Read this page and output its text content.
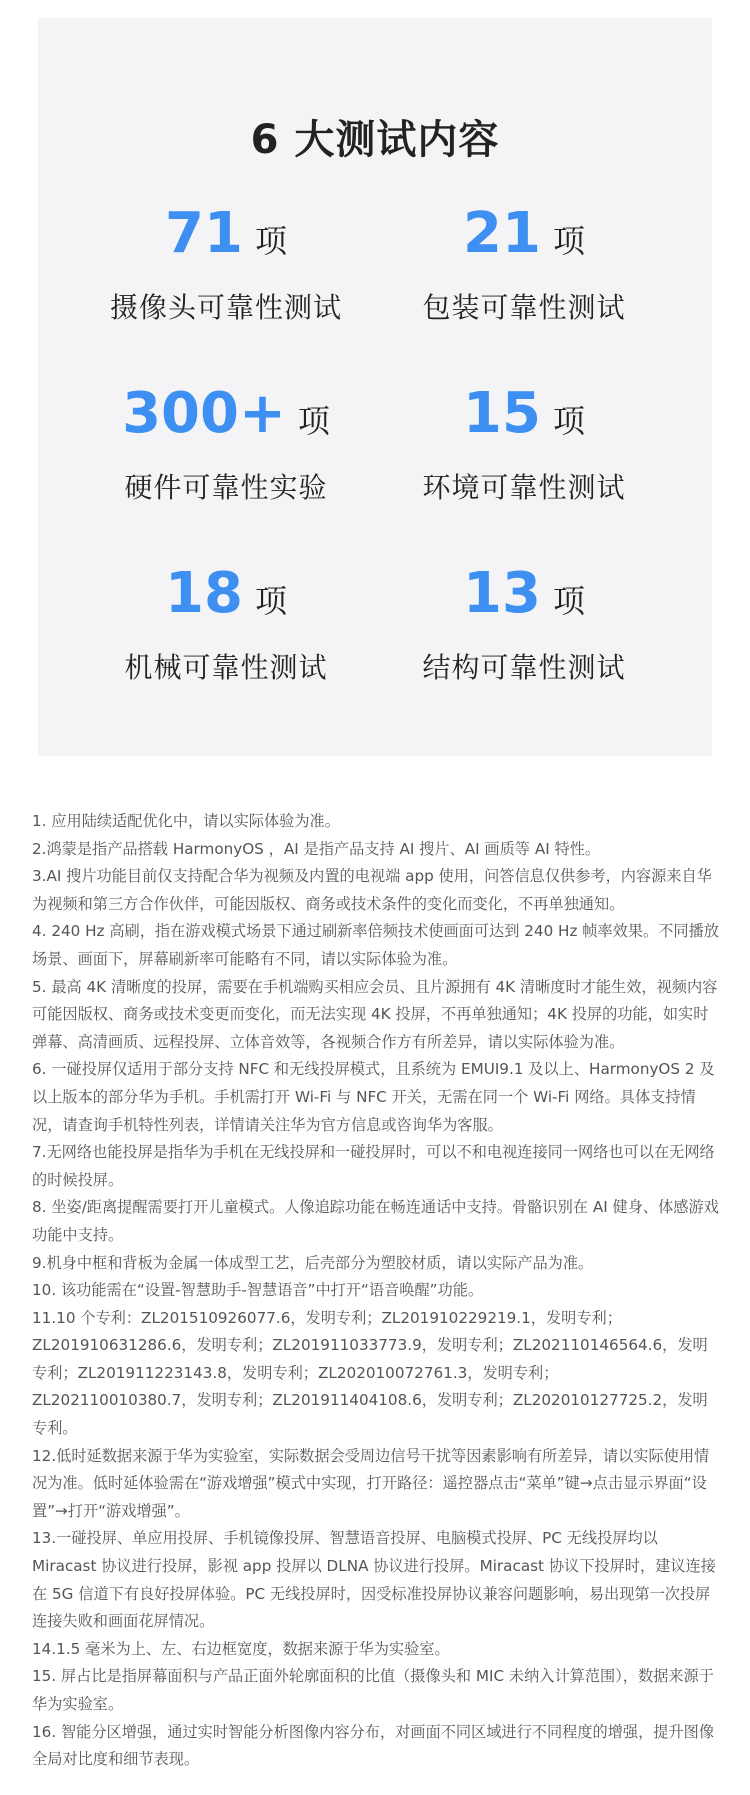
6 大测试内容
71 项
摄像头可靠性测试
21 项
包装可靠性测试
300+ 项
硬件可靠性实验
15 项
环境可靠性测试
18 项
机械可靠性测试
13 项
结构可靠性测试

1. 应用陆续适配优化中，请以实际体验为准。

2.鸿蒙是指产品搭载 HarmonyOS ，AI 是指产品支持 AI 搜片、AI 画质等 AI 特性。

3.AI 搜片功能目前仅支持配合华为视频及内置的电视端 app 使用，问答信息仅供参考，内容源来自华为视频和第三方合作伙伴，可能因版权、商务或技术条件的变化而变化，不再单独通知。

4. 240 Hz 高刷，指在游戏模式场景下通过刷新率倍频技术使画面可达到 240 Hz 帧率效果。不同播放场景、画面下，屏幕刷新率可能略有不同，请以实际体验为准。

5. 最高 4K 清晰度的投屏，需要在手机端购买相应会员、且片源拥有 4K 清晰度时才能生效，视频内容可能因版权、商务或技术变更而变化，而无法实现 4K 投屏，不再单独通知；4K 投屏的功能，如实时弹幕、高清画质、远程投屏、立体音效等，各视频合作方有所差异，请以实际体验为准。

6. 一碰投屏仅适用于部分支持 NFC 和无线投屏模式，且系统为 EMUI9.1 及以上、HarmonyOS 2 及以上版本的部分华为手机。手机需打开 Wi-Fi 与 NFC 开关，无需在同一个 Wi-Fi 网络。具体支持情况，请查询手机特性列表，详情请关注华为官方信息或咨询华为客服。

7.无网络也能投屏是指华为手机在无线投屏和一碰投屏时，可以不和电视连接同一网络也可以在无网络的时候投屏。

8. 坐姿/距离提醒需要打开儿童模式。人像追踪功能在畅连通话中支持。骨骼识别在 AI 健身、体感游戏功能中支持。

9.机身中框和背板为金属一体成型工艺，后壳部分为塑胶材质，请以实际产品为准。

10. 该功能需在“设置-智慧助手-智慧语音”中打开“语音唤醒”功能。

11.10 个专利：ZL201510926077.6，发明专利；ZL201910229219.1，发明专利；ZL201910631286.6，发明专利；ZL201911033773.9，发明专利；ZL202110146564.6，发明专利；ZL201911223143.8，发明专利；ZL202010072761.3，发明专利；ZL202110010380.7，发明专利；ZL201911404108.6，发明专利；ZL202010127725.2，发明专利。

12.低时延数据来源于华为实验室，实际数据会受周边信号干扰等因素影响有所差异，请以实际使用情况为准。低时延体验需在“游戏增强”模式中实现，打开路径：遥控器点击“菜单”键→点击显示界面“设置”→打开“游戏增强”。

13.一碰投屏、单应用投屏、手机镜像投屏、智慧语音投屏、电脑模式投屏、PC 无线投屏均以 Miracast 协议进行投屏，影视 app 投屏以 DLNA 协议进行投屏。Miracast 协议下投屏时，建议连接在 5G 信道下有良好投屏体验。PC 无线投屏时，因受标准投屏协议兼容问题影响，易出现第一次投屏连接失败和画面花屏情况。

14.1.5 毫米为上、左、右边框宽度，数据来源于华为实验室。

15. 屏占比是指屏幕面积与产品正面外轮廓面积的比值（摄像头和 MIC 未纳入计算范围），数据来源于华为实验室。

16. 智能分区增强，通过实时智能分析图像内容分布，对画面不同区域进行不同程度的增强，提升图像全局对比度和细节表现。
